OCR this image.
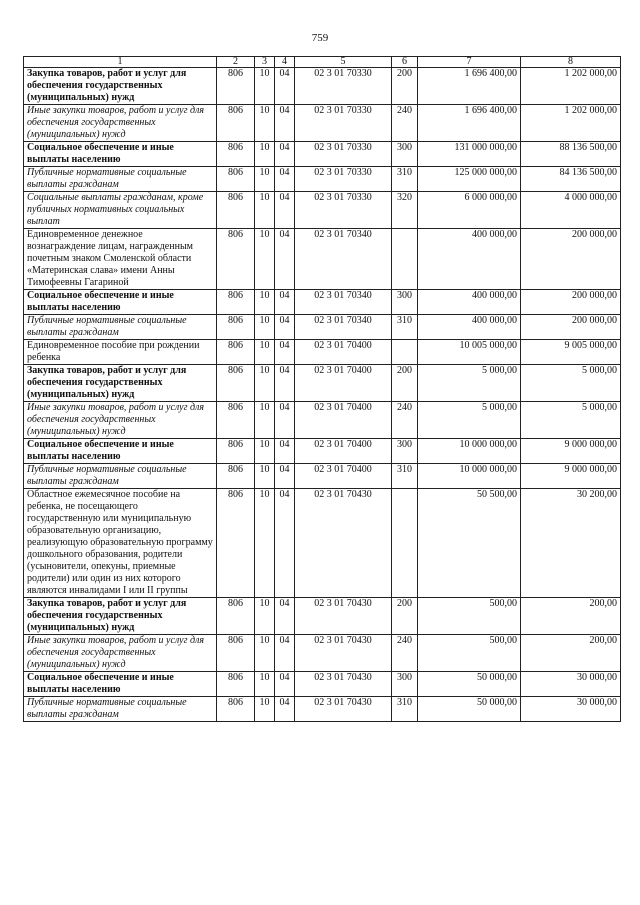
759
1	2	3	4	5	6	7	8
Закупка товаров, работ и услуг для обеспечения государственных (муниципальных) нужд	806	10	04	02 3 01 70330	200	1 696 400,00	1 202 000,00
Иные закупки товаров, работ и услуг для обеспечения государственных (муниципальных) нужд	806	10	04	02 3 01 70330	240	1 696 400,00	1 202 000,00
Социальное обеспечение и иные выплаты населению	806	10	04	02 3 01 70330	300	131 000 000,00	88 136 500,00
Публичные нормативные социальные выплаты гражданам	806	10	04	02 3 01 70330	310	125 000 000,00	84 136 500,00
Социальные выплаты гражданам, кроме публичных нормативных социальных выплат	806	10	04	02 3 01 70330	320	6 000 000,00	4 000 000,00
Единовременное денежное вознаграждение лицам, награжденным почетным знаком Смоленской области «Материнская слава» имени Анны Тимофеевны Гагариной	806	10	04	02 3 01 70340		400 000,00	200 000,00
Социальное обеспечение и иные выплаты населению	806	10	04	02 3 01 70340	300	400 000,00	200 000,00
Публичные нормативные социальные выплаты гражданам	806	10	04	02 3 01 70340	310	400 000,00	200 000,00
Единовременное пособие при рождении ребенка	806	10	04	02 3 01 70400		10 005 000,00	9 005 000,00
Закупка товаров, работ и услуг для обеспечения государственных (муниципальных) нужд	806	10	04	02 3 01 70400	200	5 000,00	5 000,00
Иные закупки товаров, работ и услуг для обеспечения государственных (муниципальных) нужд	806	10	04	02 3 01 70400	240	5 000,00	5 000,00
Социальное обеспечение и иные выплаты населению	806	10	04	02 3 01 70400	300	10 000 000,00	9 000 000,00
Публичные нормативные социальные выплаты гражданам	806	10	04	02 3 01 70400	310	10 000 000,00	9 000 000,00
Областное ежемесячное пособие на ребенка, не посещающего государственную или муниципальную образовательную организацию, реализующую образовательную программу дошкольного образования, родители (усыновители, опекуны, приемные родители) или один из них которого являются инвалидами I или II группы	806	10	04	02 3 01 70430		50 500,00	30 200,00
Закупка товаров, работ и услуг для обеспечения государственных (муниципальных) нужд	806	10	04	02 3 01 70430	200	500,00	200,00
Иные закупки товаров, работ и услуг для обеспечения государственных (муниципальных) нужд	806	10	04	02 3 01 70430	240	500,00	200,00
Социальное обеспечение и иные выплаты населению	806	10	04	02 3 01 70430	300	50 000,00	30 000,00
Публичные нормативные социальные выплаты гражданам	806	10	04	02 3 01 70430	310	50 000,00	30 000,00
